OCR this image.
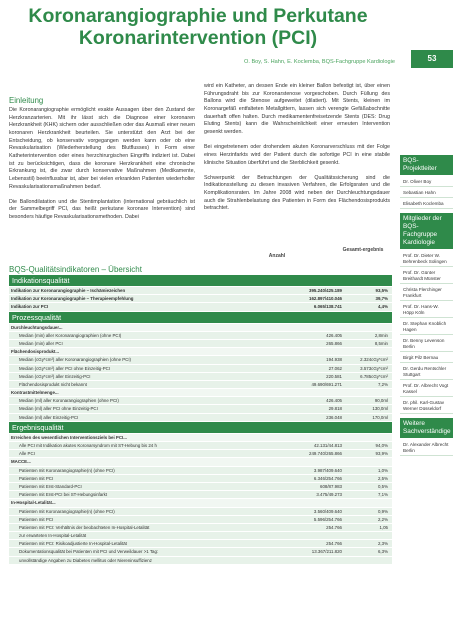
Koronarangiographie und Perkutane
Koronarintervention (PCI)
O. Boy, S. Hahn, E. Koclemba, BQS-Fachgruppe Kardiologie	53
Einleitung

Die Koronarangiographie ermöglicht exakte Aussagen über den Zustand der Herzkranzarterien. Mit ihr lässt sich die Diagnose einer koronaren Herzkrankheit (KHK) sichern oder ausschließen oder das Ausmaß einer neuen koronaren Herzkrankheit beurteilen. Sie unterstützt den Arzt bei der Entscheidung, ob konservativ vorgegangen werden kann oder ob eine Revaskularisation (Wiederherstellung des Blutflusses) in Form einer Katheterintervention oder eines herzchirurgischen Eingriffs indiziert ist. Dabei ist zu berücksichtigen, dass die koronare Herzkrankheit eine chronische Erkrankung ist, die zwar durch konservative Maßnahmen (Medikamente, Lebensstil) beeinflussbar ist, aber bei vielen erkrankten Patienten wiederholter Revaskularisationsmaßnahmen bedarf.

Die Ballondilatation und die Stentimplantation (international gebräuchlich ist der Sammelbegriff PCI, das heißt perkutane koronare Intervention) sind besonders häufige Revaskularisationsmethoden. Dabei

wird ein Katheter, an dessen Ende ein kleiner Ballon befestigt ist, über einen Führungsdraht bis zur Koronarstenose vorgeschoben. Durch Füllung des Ballons wird die Stenose aufgeweitet (dilatiert). Mit Stents, kleinen im Koronargefäß entfalteten Metallgittern, lassen sich verengte Gefäßabschnitte dauerhaft offen halten. Durch medikamentenfreisetzende Stents (DES: Drug Eluting Stents) kann die Wahrscheinlichkeit einer erneuten Intervention gesenkt werden.

Bei eingetretenem oder drohendem akuten Koronarverschluss mit der Folge eines Herzinfarkts wird der Patient durch die sofortige PCI in eine stabile klinische Situation überführt und die Sterblichkeit gesenkt.

Schwerpunkt der Betrachtungen der Qualitätssicherung sind die Indikationsstellung zu diesen invasiven Verfahren, die Erfolgsraten und die Komplikationsraten. Im Jahre 2008 wird neben der Durchleuchtungsdauer auch die Strahlenbelastung des Patienten in Form des Flächendosisprodukts betrachtet.

BQS-Qualitätsindikatoren – Übersicht
Anzahl
Gesamt-ergebnis
Indikationsqualität
Indikation zur Koronarangiographie – Ischämiezeichen	395.240/425.189	93,5%
Indikation zur Koronarangiographie – Therapieempfehlung	162.897/410.046	39,7%
Indikation zur PCI	6.065/138.741	4,4%
Prozessqualität
Durchleuchtungsdauer...
Median (min) aller Koronarangiographien (ohne PCI)	426.405	2,8min
Median (min) aller PCI	265.866	8,5min
Flächendosisprodukt...
Median (cGy*cm²) aller Koronarangiographien (ohne PCI)	194.938	2.324cGy*cm²
Median (cGy*cm²) aller PCI ohne Einzeitig-PCI	27.062	3.573cGy*cm²
Median (cGy*cm²) aller Einzeitig-PCI	220.581	6.785cGy*cm²
Flächendosisprodukt nicht bekannt	49.690/691.271	7,2%
Kontrastmittelmenge...
Median (ml) aller Koronarangiographien (ohne PCI)	426.405	90,0ml
Median (ml) aller PCI ohne Einzeitig-PCI	29.818	130,0ml
Median (ml) aller Einzeitig-PCI	236.048	170,0ml
Ergebnisqualität
Erreichen des wesentlichen Interventionsziels bei PCI...
Alle PCI mit Indikation akutes Koronarsyndrom mit ST-Hebung bis 24 h	42.131/44.813	94,0%
Alle PCI	249.740/265.866	93,9%
MACCE...
Patienten mit Koronarangiographie(n) (ohne PCI)	3.987/409.640	1,0%
Patienten mit PCI	6.346/254.766	2,5%
Patienten mit Erst-Standard-PCI	608/87.983	0,5%
Patienten mit Erst-PCI bei ST-Hebungsinfarkt	3.475/49.273	7,1%
In-Hospital-Letalität...
Patienten mit Koronarangiographie(n) (ohne PCI)	3.560/409.640	0,9%
Patienten mit PCI	5.596/254.766	2,2%
Patienten mit PCI: Verhältnis der beobachteten In-Hospital-Letalität	254.766	1,05
zur erwarteten In-Hospital-Letalität
Patienten mit PCI: Risikoadjustierte In-Hospital-Letalität	254.766	2,3%
Dokumentationsqualität bei Patienten mit PCI und Verweildauer >1 Tag:	13.367/211.820	6,3%
unvollständige Angaben zu Diabetes mellitus oder Niereninsuffizienz
BQS-Projektleiter
Dr. Oliver Boy
Sebastian Hahn
Elisabeth Koclemba
Mitglieder der BQS-Fachgruppe Kardiologie
Prof. Dr. Dieter W. Behrenbeck Solingen
Prof. Dr. Günter Breithardt Münster
Christa Flerchinger Frankfurt
Prof. Dr. Hans-W. Höpp Köln
Dr. Stephan Knoblich Hagen
Dr. Benny Levenson Berlin
Birgit Pilz Bernau
Dr. Gerdu Rentschler Stuttgart
Prof. Dr. Albrecht Vogt Kassel
Dr. phil. Karl-Gustav Werner Düsseldorf
Weitere Sachverständige
Dr. Alexander Albrecht Berlin
